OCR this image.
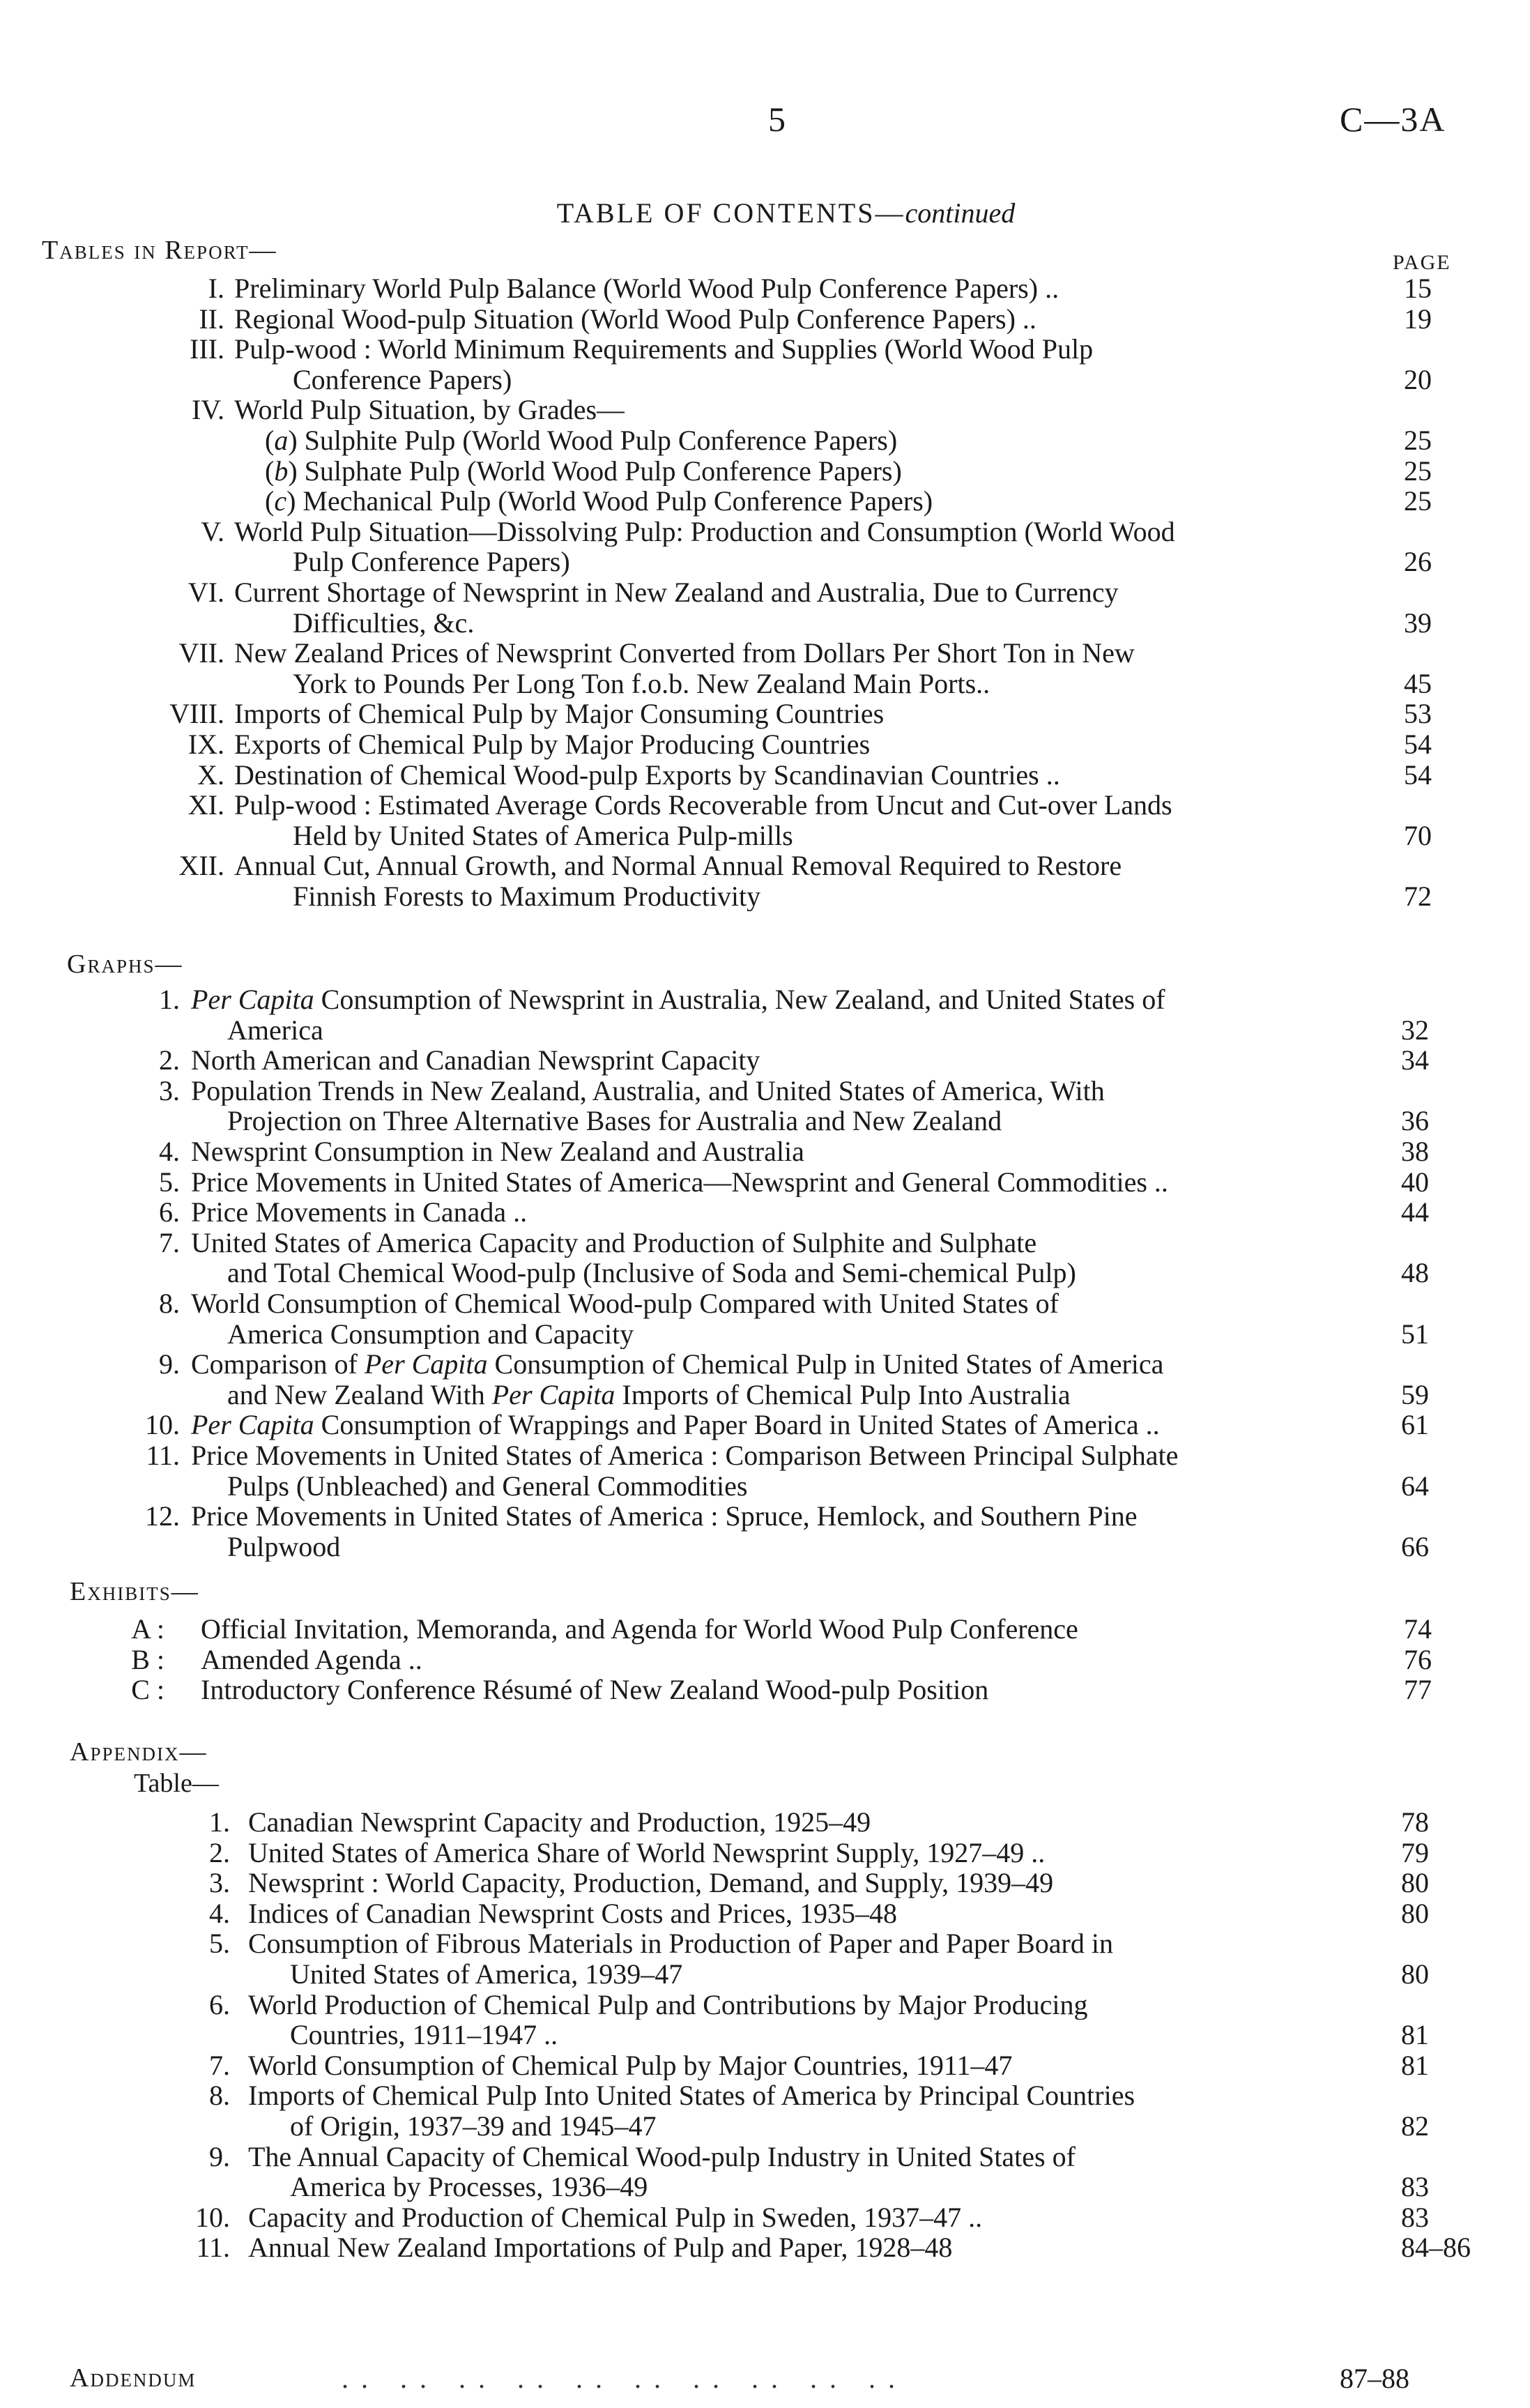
5	C—3A
TABLE OF CONTENTS—continued
Tables in Report—	PAGE
I. Preliminary World Pulp Balance (World Wood Pulp Conference Papers) ..	15
II. Regional Wood-pulp Situation (World Wood Pulp Conference Papers) ..	19
III. Pulp-wood : World Minimum Requirements and Supplies (World Wood Pulp
Conference Papers)	20
IV. World Pulp Situation, by Grades—
(a) Sulphite Pulp (World Wood Pulp Conference Papers)	25
(b) Sulphate Pulp (World Wood Pulp Conference Papers)	25
(c) Mechanical Pulp (World Wood Pulp Conference Papers)	25
V. World Pulp Situation—Dissolving Pulp: Production and Consumption (World Wood
Pulp Conference Papers)	26
VI. Current Shortage of Newsprint in New Zealand and Australia, Due to Currency
Difficulties, &c.	39
VII. New Zealand Prices of Newsprint Converted from Dollars Per Short Ton in New
York to Pounds Per Long Ton f.o.b. New Zealand Main Ports..	45
VIII. Imports of Chemical Pulp by Major Consuming Countries	53
IX. Exports of Chemical Pulp by Major Producing Countries	54
X. Destination of Chemical Wood-pulp Exports by Scandinavian Countries ..	54
XI. Pulp-wood : Estimated Average Cords Recoverable from Uncut and Cut-over Lands
Held by United States of America Pulp-mills	70
XII. Annual Cut, Annual Growth, and Normal Annual Removal Required to Restore
Finnish Forests to Maximum Productivity	72
Graphs—
1. Per Capita Consumption of Newsprint in Australia, New Zealand, and United States of
America	32
2. North American and Canadian Newsprint Capacity	34
3. Population Trends in New Zealand, Australia, and United States of America, With
Projection on Three Alternative Bases for Australia and New Zealand	36
4. Newsprint Consumption in New Zealand and Australia	38
5. Price Movements in United States of America—Newsprint and General Commodities ..	40
6. Price Movements in Canada ..	44
7. United States of America Capacity and Production of Sulphite and Sulphate
and Total Chemical Wood-pulp (Inclusive of Soda and Semi-chemical Pulp)	48
8. World Consumption of Chemical Wood-pulp Compared with United States of
America Consumption and Capacity	51
9. Comparison of Per Capita Consumption of Chemical Pulp in United States of America
and New Zealand With Per Capita Imports of Chemical Pulp Into Australia	59
10. Per Capita Consumption of Wrappings and Paper Board in United States of America ..	61
11. Price Movements in United States of America : Comparison Between Principal Sulphate
Pulps (Unbleached) and General Commodities	64
12. Price Movements in United States of America : Spruce, Hemlock, and Southern Pine
Pulpwood	66
Exhibits—
A : Official Invitation, Memoranda, and Agenda for World Wood Pulp Conference	74
B : Amended Agenda ..	76
C : Introductory Conference Résumé of New Zealand Wood-pulp Position	77
Appendix—
Table—
1. Canadian Newsprint Capacity and Production, 1925–49	78
2. United States of America Share of World Newsprint Supply, 1927–49 ..	79
3. Newsprint : World Capacity, Production, Demand, and Supply, 1939–49	80
4. Indices of Canadian Newsprint Costs and Prices, 1935–48	80
5. Consumption of Fibrous Materials in Production of Paper and Paper Board in
United States of America, 1939–47	80
6. World Production of Chemical Pulp and Contributions by Major Producing
Countries, 1911–1947 ..	81
7. World Consumption of Chemical Pulp by Major Countries, 1911–47	81
8. Imports of Chemical Pulp Into United States of America by Principal Countries
of Origin, 1937–39 and 1945–47	82
9. The Annual Capacity of Chemical Wood-pulp Industry in United States of
America by Processes, 1936–49	83
10. Capacity and Production of Chemical Pulp in Sweden, 1937–47 ..	83
11. Annual New Zealand Importations of Pulp and Paper, 1928–48	84–86
Addendum	.. .. .. .. .. .. .. .. .. ..	87–88
